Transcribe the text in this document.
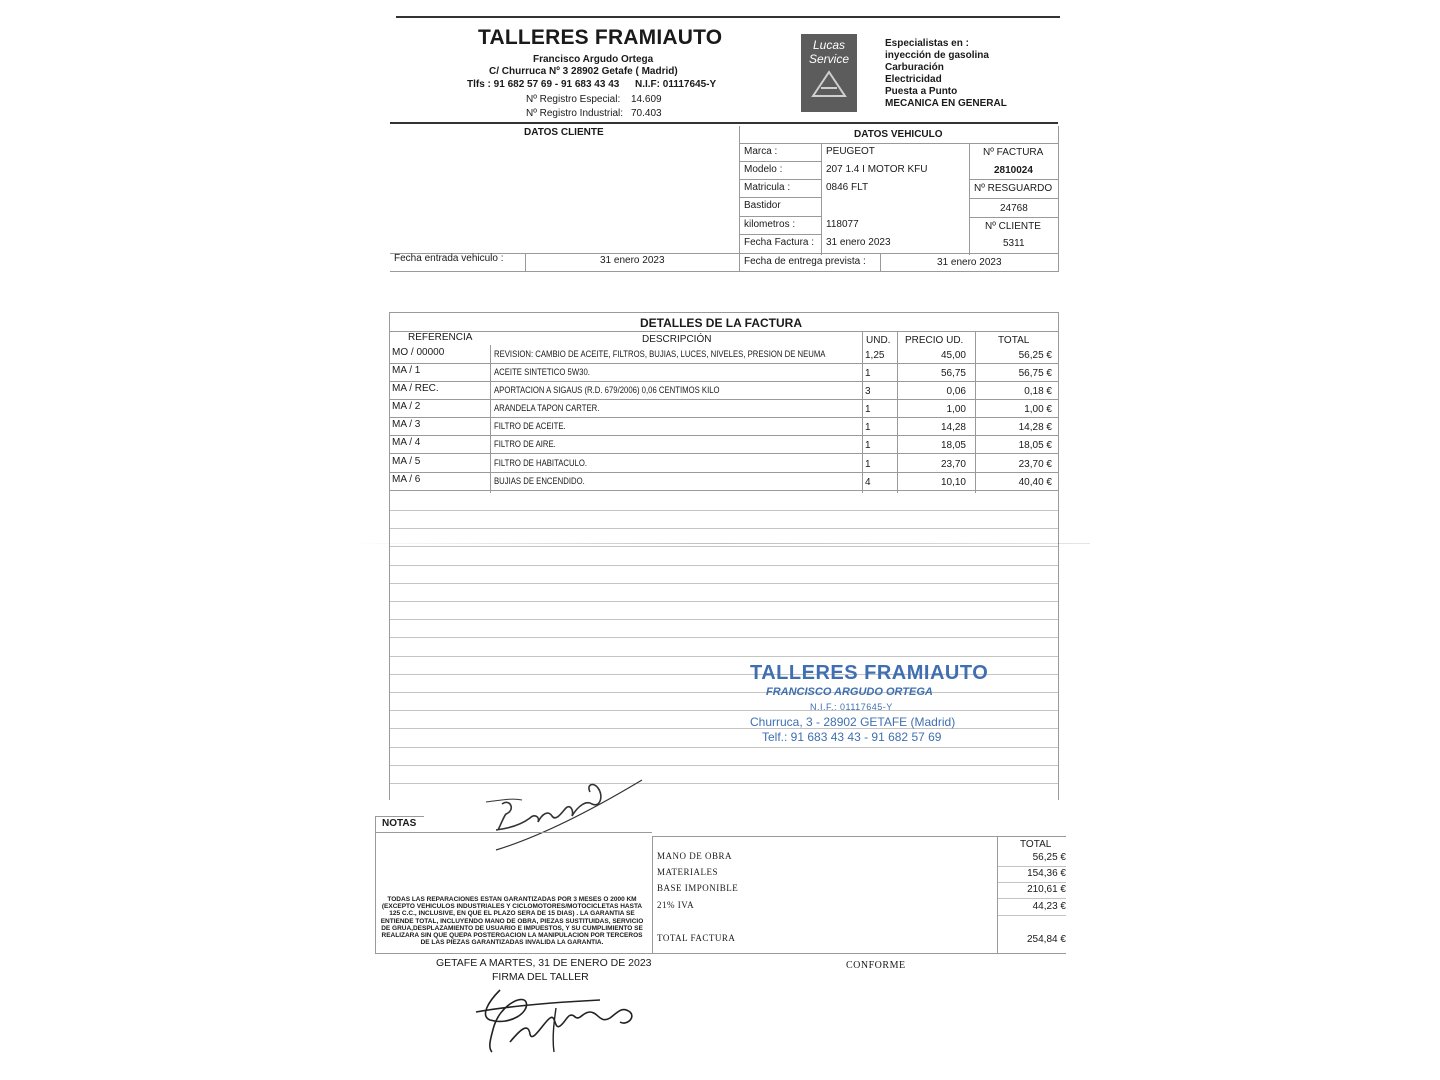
TALLERES FRAMIAUTO
Francisco Argudo Ortega
C/ Churruca Nº 3 28902 Getafe ( Madrid)
Tlfs : 91 682 57 69 - 91 683 43 43 N.I.F: 01117645-Y
Nº Registro Especial: 14.609
Nº Registro Industrial: 70.403
Lucas
Service
Especialistas en :
inyección de gasolina
Carburación
Electricidad
Puesta a Punto
MECANICA EN GENERAL
DATOS CLIENTE	DATOS VEHICULO
Marca :	PEUGEOT
Modelo :	207 1.4 I MOTOR KFU
Matricula :	0846 FLT
Bastidor
kilometros :	118077
Fecha Factura : 31 enero 2023
Nº FACTURA
2810024
Nº RESGUARDO
24768
Nº CLIENTE
5311
Fecha entrada vehiculo :	31 enero 2023	Fecha de entrega prevista :	31 enero 2023
DETALLES DE LA FACTURA
REFERENCIA	DESCRIPCIÓN	UND. PRECIO UD.	TOTAL
MO / 00000	REVISION: CAMBIO DE ACEITE, FILTROS, BUJIAS, LUCES, NIVELES, PRESION DE NEUMA	1,25	45,00	56,25 €
MA / 1	ACEITE SINTETICO 5W30.	1	56,75	56,75 €
MA / REC.	APORTACION A SIGAUS (R.D. 679/2006) 0,06 CENTIMOS KILO	3	0,06	0,18 €
MA / 2	ARANDELA TAPON CARTER.	1	1,00	1,00 €
MA / 3	FILTRO DE ACEITE.	1	14,28	14,28 €
MA / 4	FILTRO DE AIRE.	1	18,05	18,05 €
MA / 5	FILTRO DE HABITACULO.	1	23,70	23,70 €
MA / 6	BUJIAS DE ENCENDIDO.	4	10,10	40,40 €
TALLERES FRAMIAUTO
FRANCISCO ARGUDO ORTEGA
N.I.F.: 01117645-Y
Churruca, 3 - 28902 GETAFE (Madrid)
Telf.: 91 683 43 43 - 91 682 57 69
NOTAS
TODAS LAS REPARACIONES ESTAN GARANTIZADAS POR 3 MESES O 2000 KM (EXCEPTO VEHICULOS INDUSTRIALES Y CICLOMOTORES/MOTOCICLETAS HASTA 125 C.C., INCLUSIVE, EN QUE EL PLAZO SERA DE 15 DIAS) . LA GARANTIA SE ENTIENDE TOTAL, INCLUYENDO MANO DE OBRA, PIEZAS SUSTITUIDAS, SERVICIO DE GRUA,DESPLAZAMIENTO DE USUARIO E IMPUESTOS, Y SU CUMPLIMIENTO SE REALIZARA SIN QUE QUEPA POSTERGACION LA MANIPULACION POR TERCEROS DE LAS PIEZAS GARANTIZADAS INVALIDA LA GARANTIA.
TOTAL
MANO DE OBRA	56,25 €
MATERIALES	154,36 €
BASE IMPONIBLE	210,61 €
21% IVA	44,23 €
TOTAL FACTURA	254,84 €
GETAFE A MARTES, 31 DE ENERO DE 2023
FIRMA DEL TALLER
CONFORME
